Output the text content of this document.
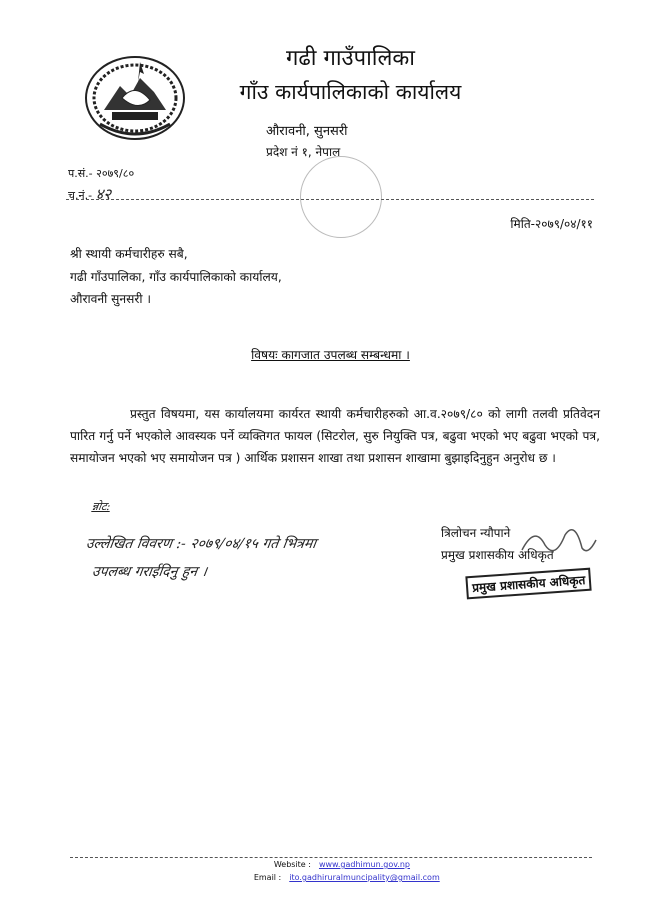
गढी गाउँपालिका
गाँउ कार्यपालिकाको कार्यालय
औरावनी, सुनसरी
प्रदेश नं १, नेपाल
प.सं.- २०७९/८०
च.नं.- ४२
मिति-२०७९/०४/११
श्री स्थायी कर्मचारीहरु सबै,
गढी गाँउपालिका, गाँउ कार्यपालिकाको कार्यालय,
औरावनी सुनसरी ।
विषयः कागजात उपलब्ध सम्बन्धमा ।
प्रस्तुत विषयमा, यस कार्यालयमा कार्यरत स्थायी कर्मचारीहरुको आ.व.२०७९/८० को लागी तलवी प्रतिवेदन पारित गर्नु पर्ने भएकोले आवस्यक पर्ने व्यक्तिगत फायल (सिटरोल, सुरु नियुक्ति पत्र, बढुवा भएको भए बढुवा भएको पत्र, समायोजन भएको भए समायोजन पत्र ) आर्थिक प्रशासन शाखा तथा प्रशासन शाखामा बुझाइदिनुहुन अनुरोध छ ।
न्नोट:
उल्लेखित विवरण :- २०७९/०४/१५ गते भित्रमा
उपलब्ध गराईदिनु हुन ।
त्रिलोचन न्यौपाने
प्रमुख प्रशासकीय अधिकृत
प्रमुख प्रशासकीय अधिकृत
Website : www.gadhimun.gov.np
Email : ito.gadhiruralmuncipality@gmail.com
